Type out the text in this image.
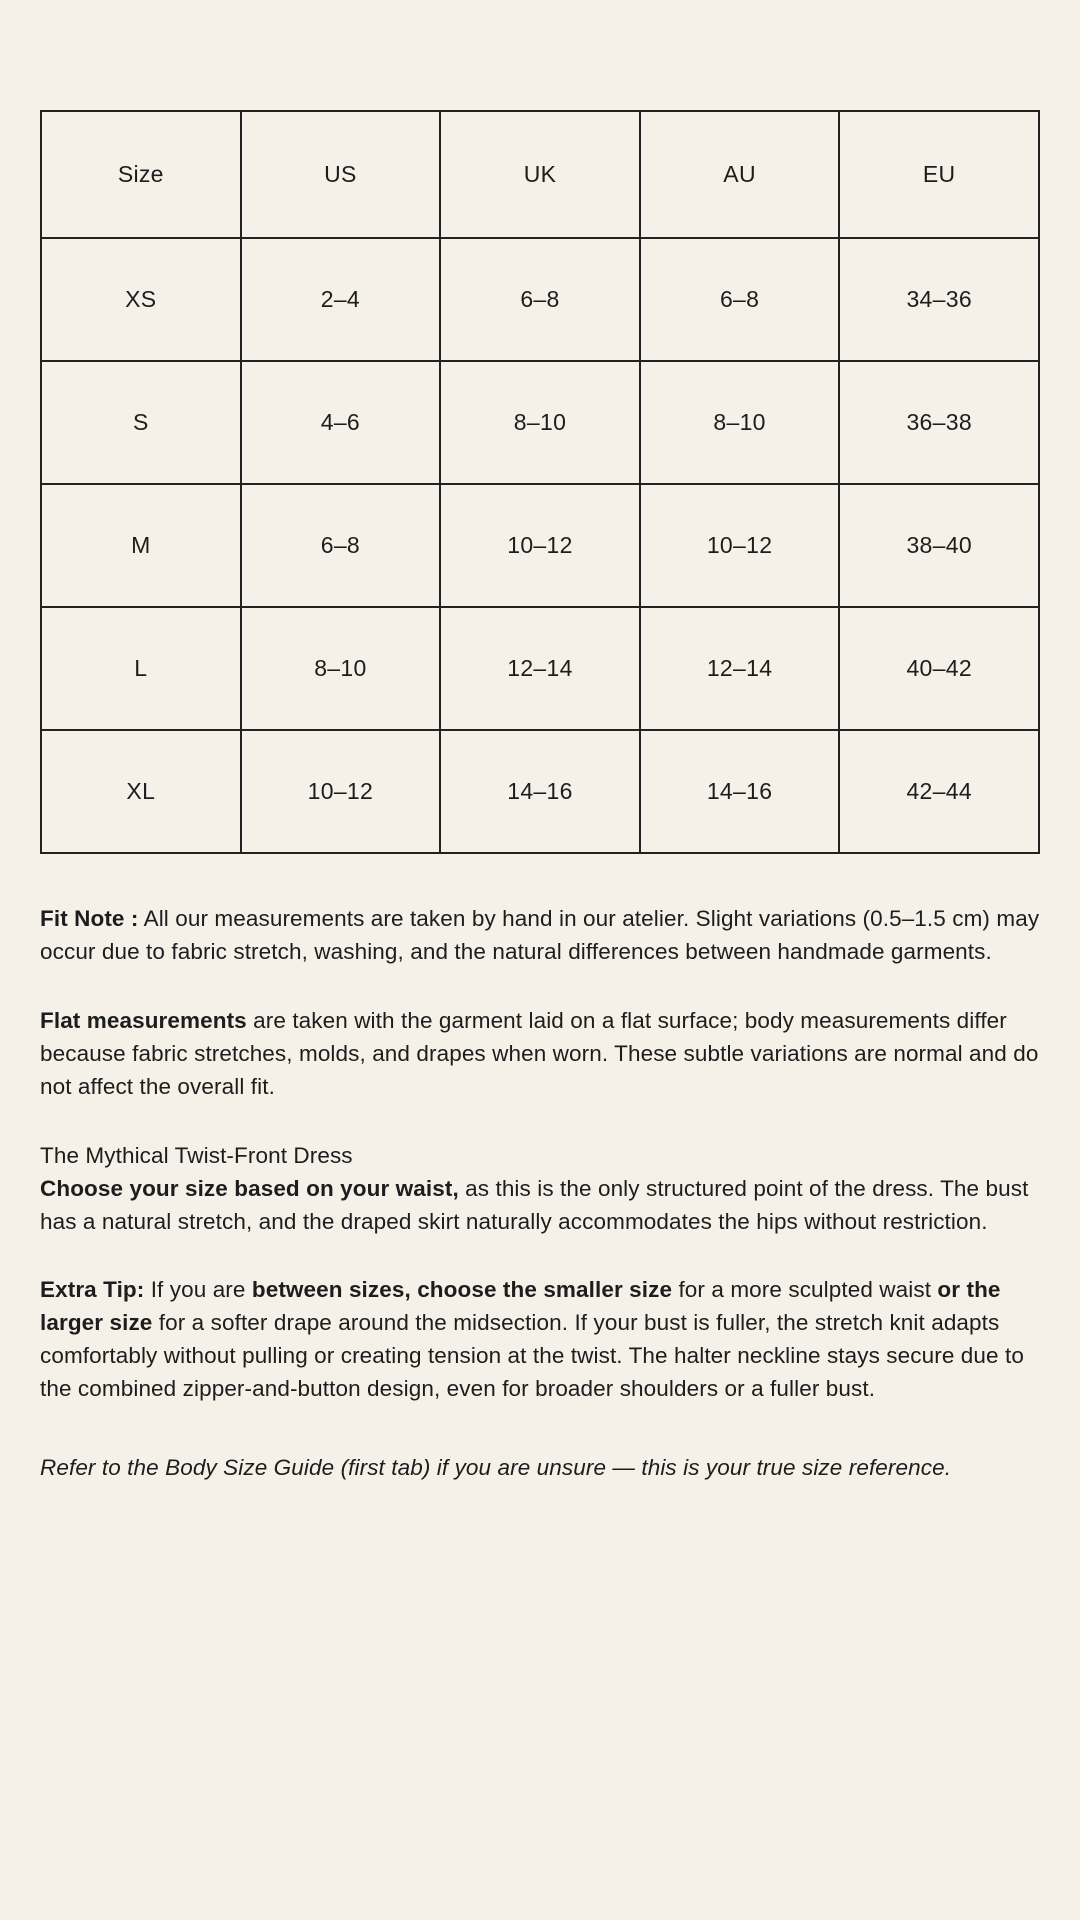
Size	US	UK	AU	EU
XS	2–4	6–8	6–8	34–36
S	4–6	8–10	8–10	36–38
M	6–8	10–12	10–12	38–40
L	8–10	12–14	12–14	40–42
XL	10–12	14–16	14–16	42–44

Fit Note : All our measurements are taken by hand in our atelier. Slight variations (0.5–1.5 cm) may occur due to fabric stretch, washing, and the natural differences between handmade garments.

Flat measurements are taken with the garment laid on a flat surface; body measurements differ because fabric stretches, molds, and drapes when worn. These subtle variations are normal and do not affect the overall fit.

The Mythical Twist-Front Dress
Choose your size based on your waist, as this is the only structured point of the dress. The bust has a natural stretch, and the draped skirt naturally accommodates the hips without restriction.

Extra Tip: If you are between sizes, choose the smaller size for a more sculpted waist or the larger size for a softer drape around the midsection. If your bust is fuller, the stretch knit adapts comfortably without pulling or creating tension at the twist. The halter neckline stays secure due to the combined zipper-and-button design, even for broader shoulders or a fuller bust.

Refer to the Body Size Guide (first tab) if you are unsure — this is your true size reference.
